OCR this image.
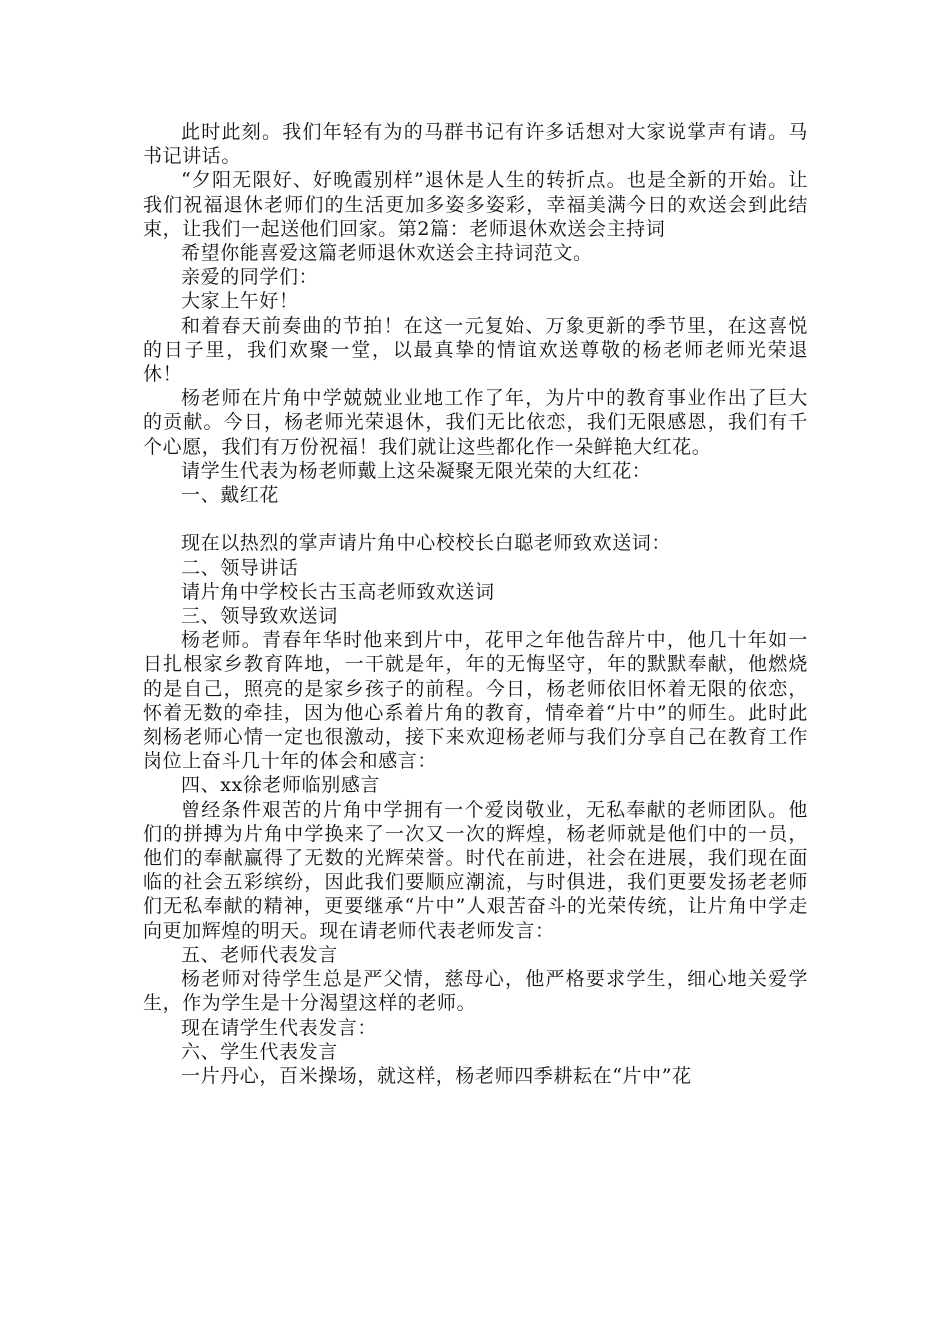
此时此刻。我们年轻有为的马群书记有许多话想对大家说掌声有请。马书记讲话。

“夕阳无限好、好晚霞别样”退休是人生的转折点。也是全新的开始。让我们祝福退休老师们的生活更加多姿多姿彩，幸福美满今日的欢送会到此结束，让我们一起送他们回家。第2篇：老师退休欢送会主持词

希望你能喜爱这篇老师退休欢送会主持词范文。

亲爱的同学们：

大家上午好！

和着春天前奏曲的节拍！在这一元复始、万象更新的季节里，在这喜悦的日子里，我们欢聚一堂，以最真挚的情谊欢送尊敬的杨老师老师光荣退休！

杨老师在片角中学兢兢业业地工作了年，为片中的教育事业作出了巨大的贡献。今日，杨老师光荣退休，我们无比依恋，我们无限感恩，我们有千个心愿，我们有万份祝福！我们就让这些都化作一朵鲜艳大红花。

请学生代表为杨老师戴上这朵凝聚无限光荣的大红花：

一、戴红花

现在以热烈的掌声请片角中心校校长白聪老师致欢送词：

二、领导讲话

请片角中学校长古玉高老师致欢送词

三、领导致欢送词

杨老师。青春年华时他来到片中，花甲之年他告辞片中，他几十年如一日扎根家乡教育阵地，一干就是年，年的无悔坚守，年的默默奉献，他燃烧的是自己，照亮的是家乡孩子的前程。今日，杨老师依旧怀着无限的依恋，怀着无数的牵挂，因为他心系着片角的教育，情牵着“片中”的师生。此时此刻杨老师心情一定也很激动，接下来欢迎杨老师与我们分享自己在教育工作岗位上奋斗几十年的体会和感言：

四、xx徐老师临别感言

曾经条件艰苦的片角中学拥有一个爱岗敬业，无私奉献的老师团队。他们的拼搏为片角中学换来了一次又一次的辉煌，杨老师就是他们中的一员，他们的奉献赢得了无数的光辉荣誉。时代在前进，社会在进展，我们现在面临的社会五彩缤纷，因此我们要顺应潮流，与时俱进，我们更要发扬老老师们无私奉献的精神，更要继承“片中”人艰苦奋斗的光荣传统，让片角中学走向更加辉煌的明天。现在请老师代表老师发言：

五、老师代表发言

杨老师对待学生总是严父情，慈母心，他严格要求学生，细心地关爱学生，作为学生是十分渴望这样的老师。

现在请学生代表发言：

六、学生代表发言

一片丹心，百米操场，就这样，杨老师四季耕耘在“片中”花
